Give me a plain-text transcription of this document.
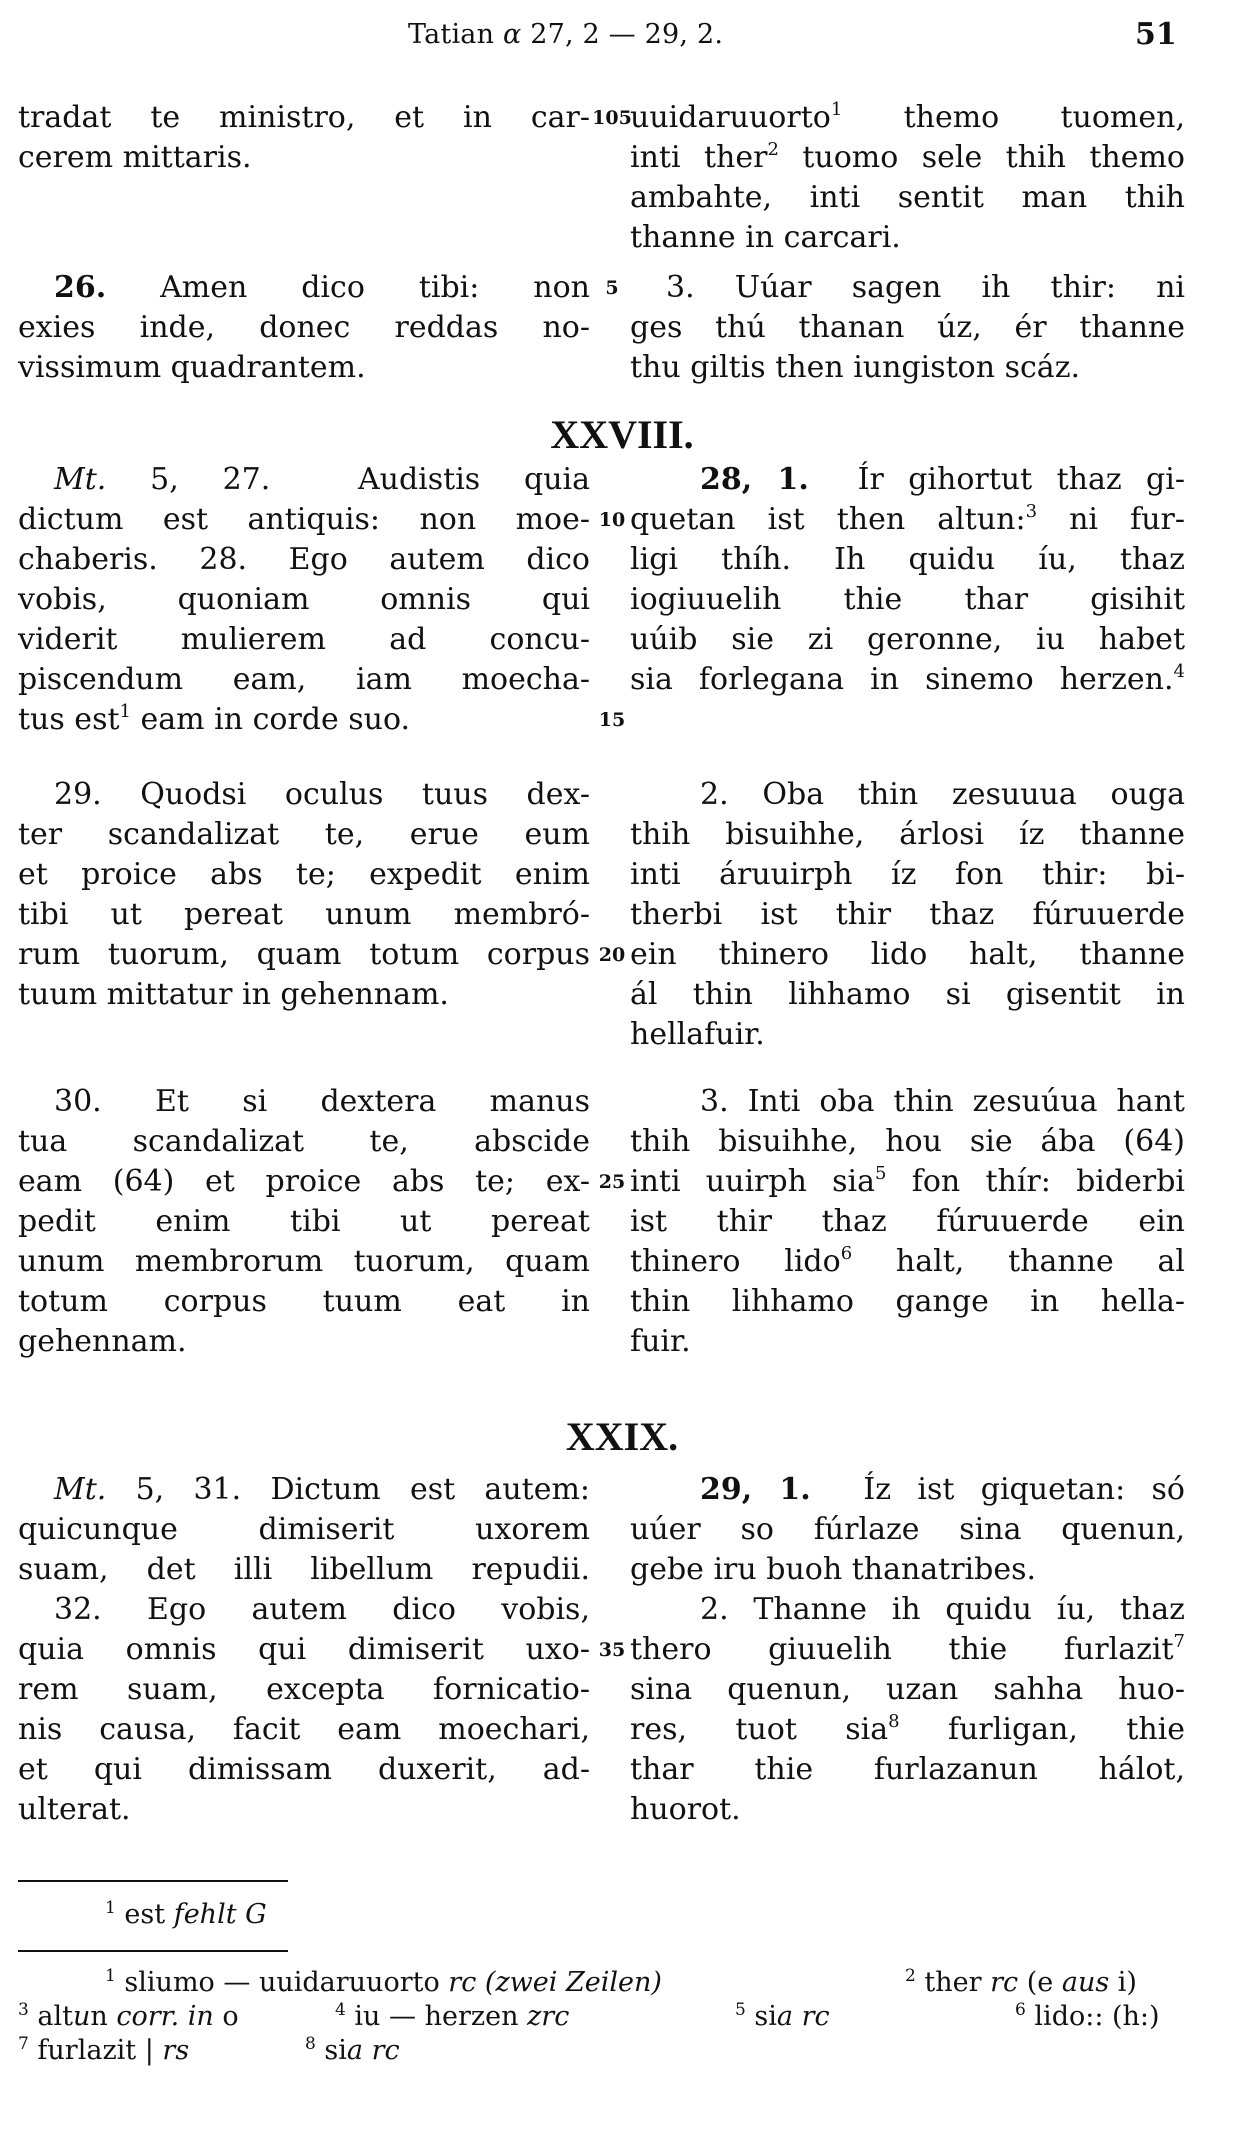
Tatian α 27, 2 — 29, 2.	51
tradat te ministro, et in car-
cerem mittaris.
26. Amen dico tibi: non
exies inde, donec reddas no-
vissimum quadrantem.
Mt. 5, 27.	Audistis quia
dictum est antiquis: non moe-
chaberis. 28. Ego autem dico
vobis, quoniam omnis qui
viderit mulierem ad concu-
piscendum eam, iam moecha-
tus est$^1$ eam in corde suo.
29. Quodsi oculus tuus dex-
ter scandalizat te, erue eum
et proice abs te; expedit enim
tibi ut pereat unum membró-
rum tuorum, quam totum corpus
tuum mittatur in gehennam.
30. Et si dextera manus
tua scandalizat te, abscide
eam (64) et proice abs te; ex-
pedit enim tibi ut pereat
unum membrorum tuorum, quam
totum corpus tuum eat in
gehennam.
Mt. 5, 31. Dictum est autem:
quicunque dimiserit uxorem
suam, det illi libellum repudii.
32. Ego autem dico vobis,
quia omnis qui dimiserit uxo-
rem suam, excepta fornicatio-
nis causa, facit eam moechari,
et qui dimissam duxerit, ad-
ulterat.
105
5
10
15
20
25
35
XXVIII.
XXIX.
uuidaruuorto$^1$ themo tuomen,
inti ther$^2$ tuomo sele thih themo
ambahte, inti sentit man thih
thanne in carcari.
3. Uúar sagen ih thir: ni
ges thú thanan úz, ér thanne
thu giltis then iungiston scáz.
28, 1. Ír gihortut thaz gi-
quetan ist then altun:$^3$ ni fur-
ligi thíh. Ih quidu íu, thaz
iogiuuelih thie thar gisihit
uúib sie zi geronne, iu habet
sia forlegana in sinemo herzen.$^4$
2. Oba thin zesuuua ouga
thih bisuihhe, árlosi íz thanne
inti áruuirph íz fon thir: bi-
therbi ist thir thaz fúruuerde
ein thinero lido halt, thanne
ál thin lihhamo si gisentit in
hellafuir.
3. Inti oba thin zesuúua hant
thih bisuihhe, hou sie ába (64)
inti uuirph sia$^5$ fon thír: biderbi
ist thir thaz fúruuerde ein
thinero lido$^6$ halt, thanne al
thin lihhamo gange in hella-
fuir.
29, 1. Íz ist giquetan: só
uúer so fúrlaze sina quenun,
gebe iru buoh thanatribes.
2. Thanne ih quidu íu, thaz
thero giuuelih thie furlazit$^7$
sina quenun, uzan sahha huo-
res, tuot sia$^8$ furligan, thie
thar thie furlazanun hálot,
huorot.
$^1$ est fehlt G
$^1$ sliumo — uuidaruuorto rc (zwei Zeilen)	$^2$ ther rc (e aus i)
$^3$ altun corr. in o	$^4$ iu — herzen zrc	$^5$ sia rc	$^6$ lido:: (h:)
$^7$ furlazit | rs	$^8$ sia rc
